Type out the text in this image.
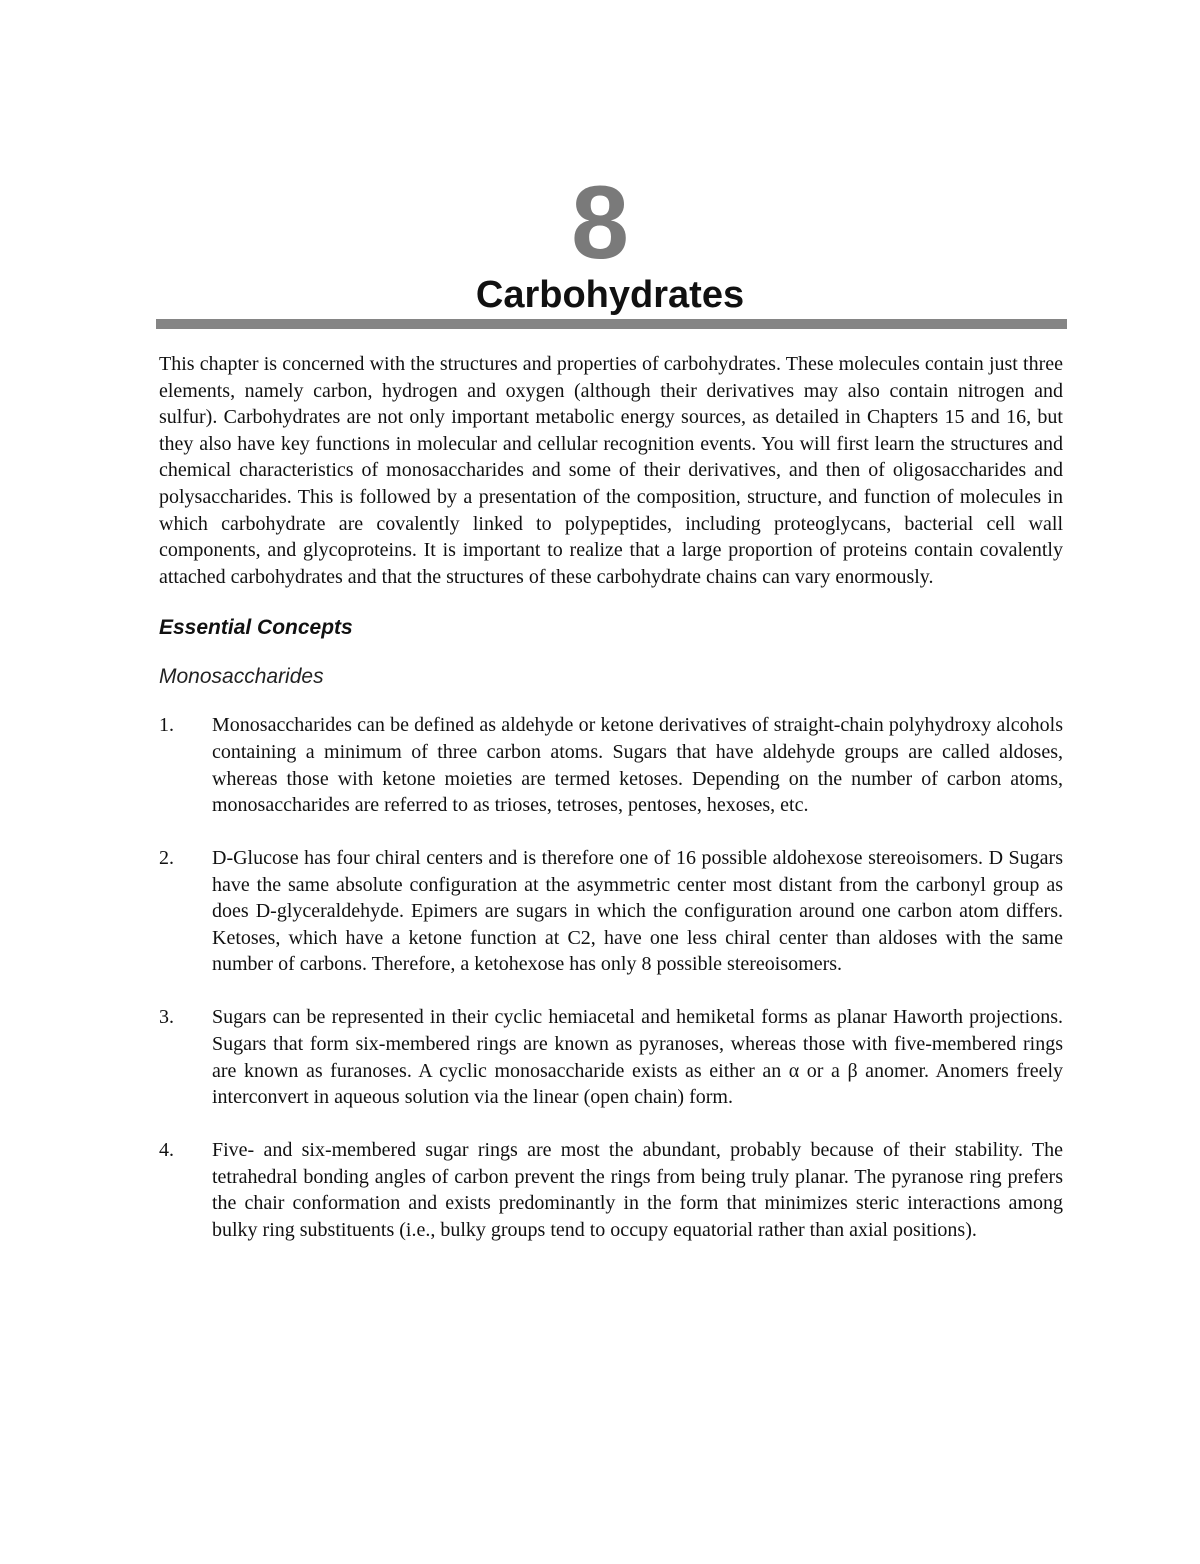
8
Carbohydrates

This chapter is concerned with the structures and properties of carbohydrates. These molecules contain just three elements, namely carbon, hydrogen and oxygen (although their derivatives may also contain nitrogen and sulfur). Carbohydrates are not only important metabolic energy sources, as detailed in Chapters 15 and 16, but they also have key functions in molecular and cellular recognition events. You will first learn the structures and chemical characteristics of monosaccharides and some of their derivatives, and then of oligosaccharides and polysaccharides. This is followed by a presentation of the composition, structure, and function of molecules in which carbohydrate are covalently linked to polypeptides, including proteoglycans, bacterial cell wall components, and glycoproteins. It is important to realize that a large proportion of proteins contain covalently attached carbohydrates and that the structures of these carbohydrate chains can vary enormously.

Essential Concepts
Monosaccharides
1. Monosaccharides can be defined as aldehyde or ketone derivatives of straight-chain polyhydroxy alcohols containing a minimum of three carbon atoms. Sugars that have aldehyde groups are called aldoses, whereas those with ketone moieties are termed ketoses. Depending on the number of carbon atoms, monosaccharides are referred to as trioses, tetroses, pentoses, hexoses, etc.
2. D-Glucose has four chiral centers and is therefore one of 16 possible aldohexose stereoisomers. D Sugars have the same absolute configuration at the asymmetric center most distant from the carbonyl group as does D-glyceraldehyde. Epimers are sugars in which the configuration around one carbon atom differs. Ketoses, which have a ketone function at C2, have one less chiral center than aldoses with the same number of carbons. Therefore, a ketohexose has only 8 possible stereoisomers.
3. Sugars can be represented in their cyclic hemiacetal and hemiketal forms as planar Haworth projections. Sugars that form six-membered rings are known as pyranoses, whereas those with five-membered rings are known as furanoses. A cyclic monosaccharide exists as either an α or a β anomer. Anomers freely interconvert in aqueous solution via the linear (open chain) form.
4. Five- and six-membered sugar rings are most the abundant, probably because of their stability. The tetrahedral bonding angles of carbon prevent the rings from being truly planar. The pyranose ring prefers the chair conformation and exists predominantly in the form that minimizes steric interactions among bulky ring substituents (i.e., bulky groups tend to occupy equatorial rather than axial positions).
